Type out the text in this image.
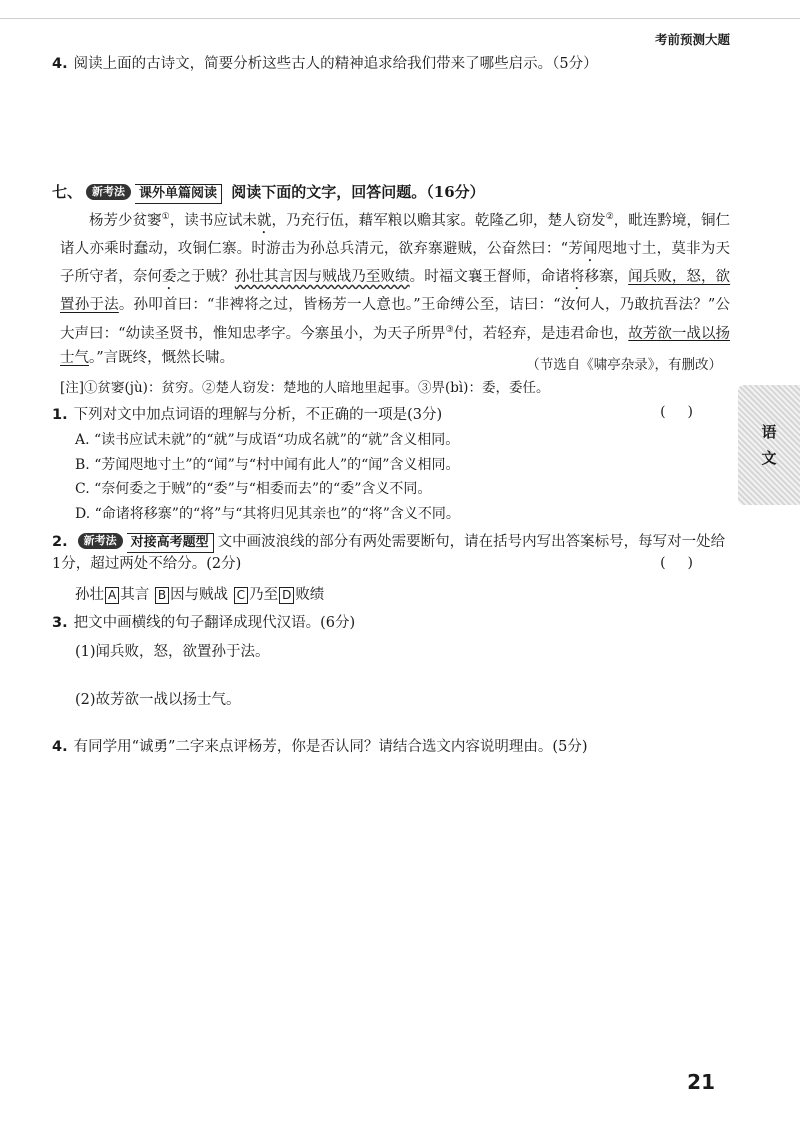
考前预测大题
4. 阅读上面的古诗文，简要分析这些古人的精神追求给我们带来了哪些启示。（5分）
七、 新考法 课外单篇阅读 阅读下面的文字，回答问题。（16分）
杨芳少贫窭①，读书应试未就，乃充行伍，藉军粮以赡其家。乾隆乙卯，楚人窃发②，毗连黔境，铜仁诸人亦乘时蠢动，攻铜仁寨。时游击为孙总兵清元，欲弃寨避贼，公奋然曰：“芳闻咫地寸土，莫非为天子所守者，奈何委之于贼？孙壮其言因与贼战乃至败绩。时福文襄王督师，命诸将移寨，闻兵败，怒，欲置孙于法。孙叩首曰：“非裨将之过，皆杨芳一人意也。”王命缚公至，诘曰：“汝何人，乃敢抗吾法？”公大声曰：“幼读圣贤书，惟知忠孝字。今寨虽小，为天子所畀③付，若轻弃，是违君命也，故芳欲一战以扬士气。”言既终，慨然长啸。	（节选自《啸亭杂录》，有删改）
[注]①贫窭(jù)：贫穷。②楚人窃发：楚地的人暗地里起事。③畀(bì)：委，委任。
1. 下列对文中加点词语的理解与分析，不正确的一项是(3分)	()
A. “读书应试未就”的“就”与成语“功成名就”的“就”含义相同。
B. “芳闻咫地寸土”的“闻”与“村中闻有此人”的“闻”含义相同。
C. “奈何委之于贼”的“委”与“相委而去”的“委”含义不同。
D. “命诸将移寨”的“将”与“其将归见其亲也”的“将”含义不同。
2. 新考法 对接高考题型 文中画波浪线的部分有两处需要断句，请在括号内写出答案标号，每写对一处给1分，超过两处不给分。(2分)	()
孙壮 A 其言 B 因与贼战 C 乃至 D 败绩
3. 把文中画横线的句子翻译成现代汉语。(6分)
(1)闻兵败，怒，欲置孙于法。
(2)故芳欲一战以扬士气。
4. 有同学用“诚勇”二字来点评杨芳，你是否认同？请结合选文内容说明理由。(5分)
语
文
21
